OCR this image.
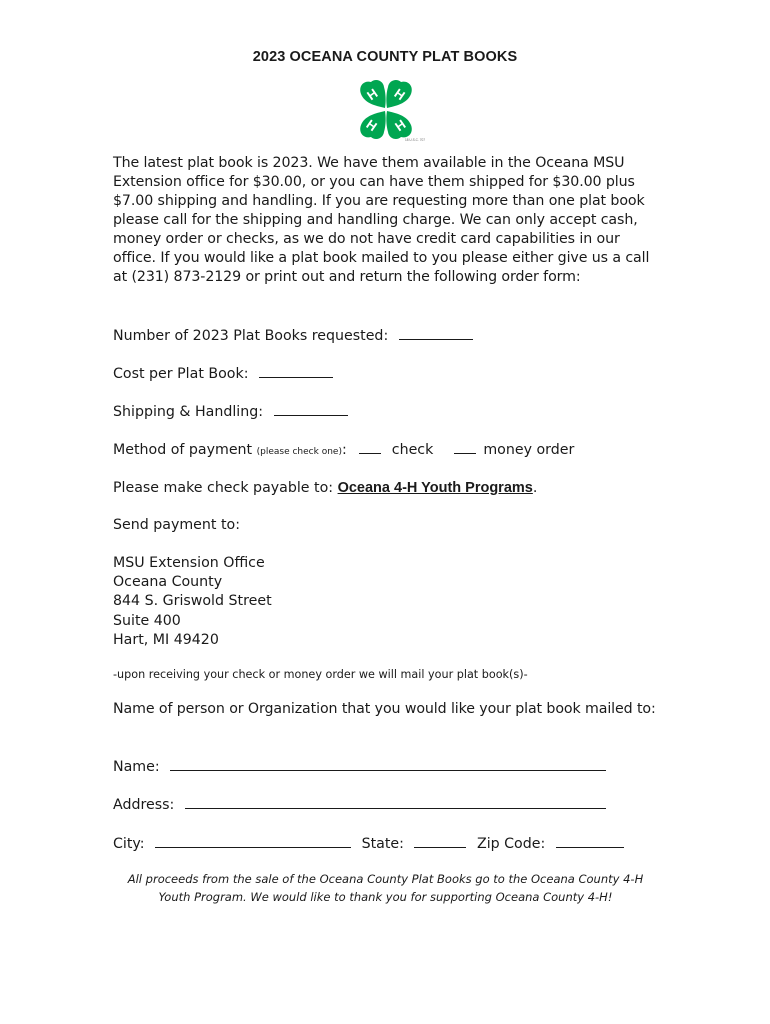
2023 OCEANA COUNTY PLAT BOOKS
H H
H H
18 U.S.C. 707
The latest plat book is 2023. We have them available in the Oceana MSU Extension office for $30.00, or you can have them shipped for $30.00 plus $7.00 shipping and handling. If you are requesting more than one plat book please call for the shipping and handling charge. We can only accept cash, money order or checks, as we do not have credit card capabilities in our office. If you would like a plat book mailed to you please either give us a call at (231) 873-2129 or print out and return the following order form:
Number of 2023 Plat Books requested:
Cost per Plat Book:
Shipping & Handling:
Method of payment (please check one):	check	money order
Please make check payable to: Oceana 4-H Youth Programs.
Send payment to:
MSU Extension Office
Oceana County
844 S. Griswold Street
Suite 400
Hart, MI 49420
-upon receiving your check or money order we will mail your plat book(s)-
Name of person or Organization that you would like your plat book mailed to:
Name:
Address:
City:	State:	Zip Code:
All proceeds from the sale of the Oceana County Plat Books go to the Oceana County 4-H Youth Program. We would like to thank you for supporting Oceana County 4-H!
